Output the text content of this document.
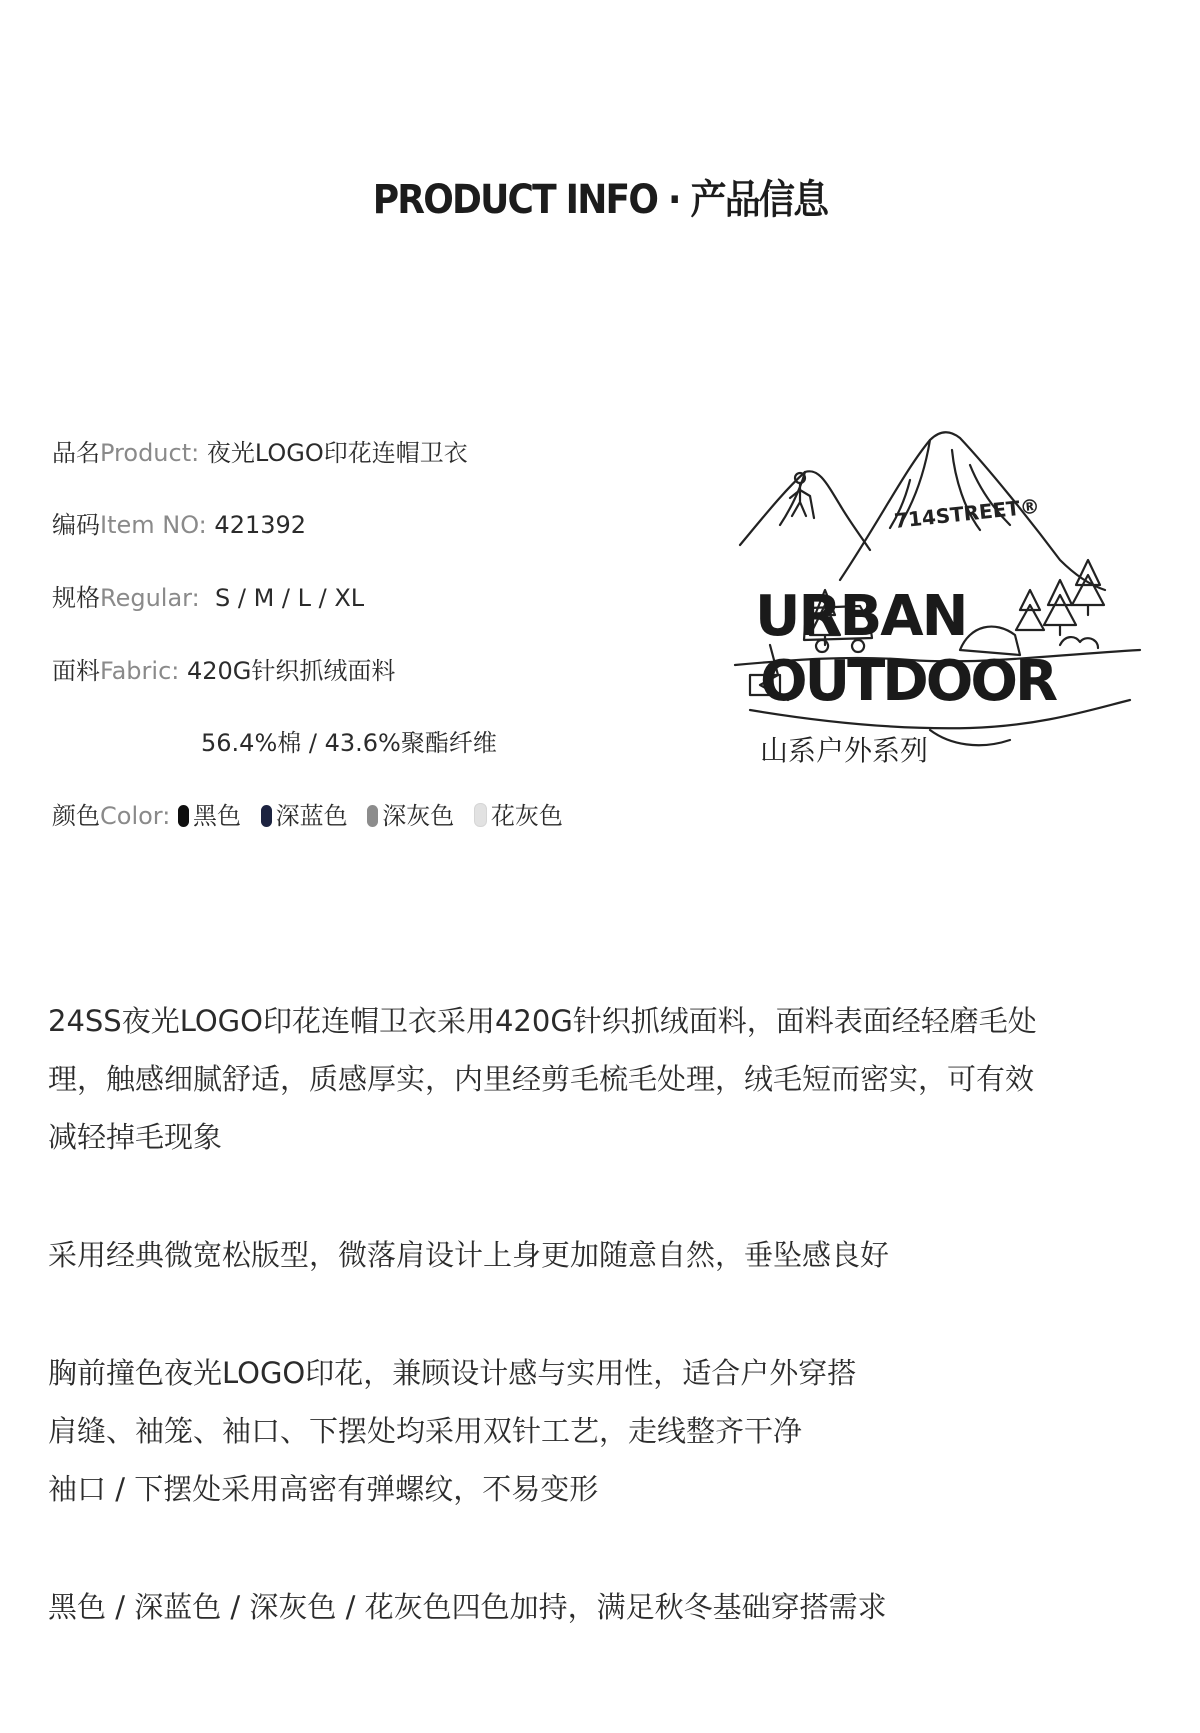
PRODUCT INFO · 产品信息
品名Product: 夜光LOGO印花连帽卫衣
编码Item NO: 421392
规格Regular: S / M / L / XL
面料Fabric: 420G针织抓绒面料
56.4%棉 / 43.6%聚酯纤维
颜色Color: 黑色 深蓝色 深灰色 花灰色
714STREET®
URBAN
OUTDOOR
山系户外系列
24SS夜光LOGO印花连帽卫衣采用420G针织抓绒面料，面料表面经轻磨毛处
理，触感细腻舒适，质感厚实，内里经剪毛梳毛处理，绒毛短而密实，可有效
减轻掉毛现象
采用经典微宽松版型，微落肩设计上身更加随意自然，垂坠感良好
胸前撞色夜光LOGO印花，兼顾设计感与实用性，适合户外穿搭
肩缝、袖笼、袖口、下摆处均采用双针工艺，走线整齐干净
袖口 / 下摆处采用高密有弹螺纹，不易变形
黑色 / 深蓝色 / 深灰色 / 花灰色四色加持，满足秋冬基础穿搭需求
